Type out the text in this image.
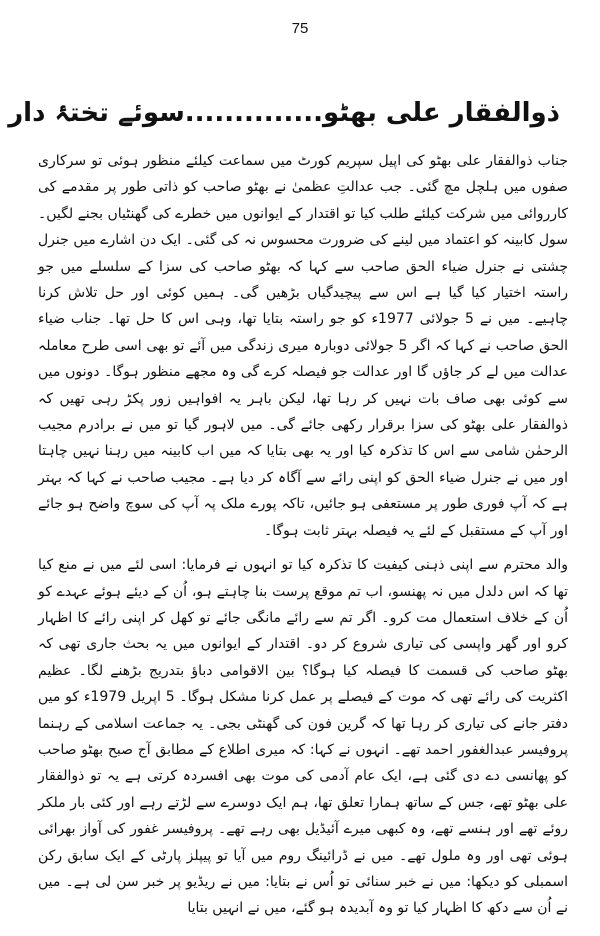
75
ذوالفقار علی بھٹو..............سوئے تختۂ دار

جناب ذوالفقار علی بھٹو کی اپیل سپریم کورٹ میں سماعت کیلئے منظور ہوئی تو سرکاری صفوں میں ہلچل مچ گئی۔ جب عدالتِ عظمیٰ نے بھٹو صاحب کو ذاتی طور پر مقدمے کی کارروائی میں شرکت کیلئے طلب کیا تو اقتدار کے ایوانوں میں خطرے کی گھنٹیاں بجنے لگیں۔ سول کابینہ کو اعتماد میں لینے کی ضرورت محسوس نہ کی گئی۔ ایک دن اشارے میں جنرل چشتی نے جنرل ضیاء الحق صاحب سے کہا کہ بھٹو صاحب کی سزا کے سلسلے میں جو راستہ اختیار کیا گیا ہے اس سے پیچیدگیاں بڑھیں گی۔ ہمیں کوئی اور حل تلاش کرنا چاہیے۔ میں نے 5 جولائی 1977ء کو جو راستہ بتایا تھا، وہی اس کا حل تھا۔ جناب ضیاء الحق صاحب نے کہا کہ اگر 5 جولائی دوبارہ میری زندگی میں آئے تو بھی اسی طرح معاملہ عدالت میں لے کر جاؤں گا اور عدالت جو فیصلہ کرے گی وہ مجھے منظور ہوگا۔ دونوں میں سے کوئی بھی صاف بات نہیں کر رہا تھا، لیکن باہر یہ افواہیں زور پکڑ رہی تھیں کہ ذوالفقار علی بھٹو کی سزا برقرار رکھی جائے گی۔ میں لاہور گیا تو میں نے برادرم مجیب الرحمٰن شامی سے اس کا تذکرہ کیا اور یہ بھی بتایا کہ میں اب کابینہ میں رہنا نہیں چاہتا اور میں نے جنرل ضیاء الحق کو اپنی رائے سے آگاہ کر دیا ہے۔ مجیب صاحب نے کہا کہ بہتر ہے کہ آپ فوری طور پر مستعفی ہو جائیں، تاکہ پورے ملک پہ آپ کی سوچ واضح ہو جائے اور آپ کے مستقبل کے لئے یہ فیصلہ بہتر ثابت ہوگا۔

والد محترم سے اپنی ذہنی کیفیت کا تذکرہ کیا تو انہوں نے فرمایا: اسی لئے میں نے منع کیا تھا کہ اس دلدل میں نہ پھنسو، اب تم موقع پرست بنا چاہتے ہو، اُن کے دیئے ہوئے عہدے کو اُن کے خلاف استعمال مت کرو۔ اگر تم سے رائے مانگی جائے تو کھل کر اپنی رائے کا اظہار کرو اور گھر واپسی کی تیاری شروع کر دو۔ اقتدار کے ایوانوں میں یہ بحث جاری تھی کہ بھٹو صاحب کی قسمت کا فیصلہ کیا ہوگا؟ بین الاقوامی دباؤ بتدریج بڑھنے لگا۔ عظیم اکثریت کی رائے تھی کہ موت کے فیصلے پر عمل کرنا مشکل ہوگا۔ 5 اپریل 1979ء کو میں دفتر جانے کی تیاری کر رہا تھا کہ گرین فون کی گھنٹی بجی۔ یہ جماعت اسلامی کے رہنما پروفیسر عبدالغفور احمد تھے۔ انہوں نے کہا: کہ میری اطلاع کے مطابق آج صبح بھٹو صاحب کو پھانسی دے دی گئی ہے، ایک عام آدمی کی موت بھی افسردہ کرتی ہے یہ تو ذوالفقار علی بھٹو تھے، جس کے ساتھ ہمارا تعلق تھا، ہم ایک دوسرے سے لڑتے رہے اور کئی بار ملکر روئے تھے اور ہنسے تھے، وہ کبھی میرے آئیڈیل بھی رہے تھے۔ پروفیسر غفور کی آواز بھرائی ہوئی تھی اور وہ ملول تھے۔ میں نے ڈرائینگ روم میں آیا تو پیپلز پارٹی کے ایک سابق رکن اسمبلی کو دیکھا: میں نے خبر سنائی تو اُس نے بتایا: میں نے ریڈیو پر خبر سن لی ہے۔ میں نے اُن سے دکھ کا اظہار کیا تو وہ آبدیدہ ہو گئے، میں نے انہیں بتایا
